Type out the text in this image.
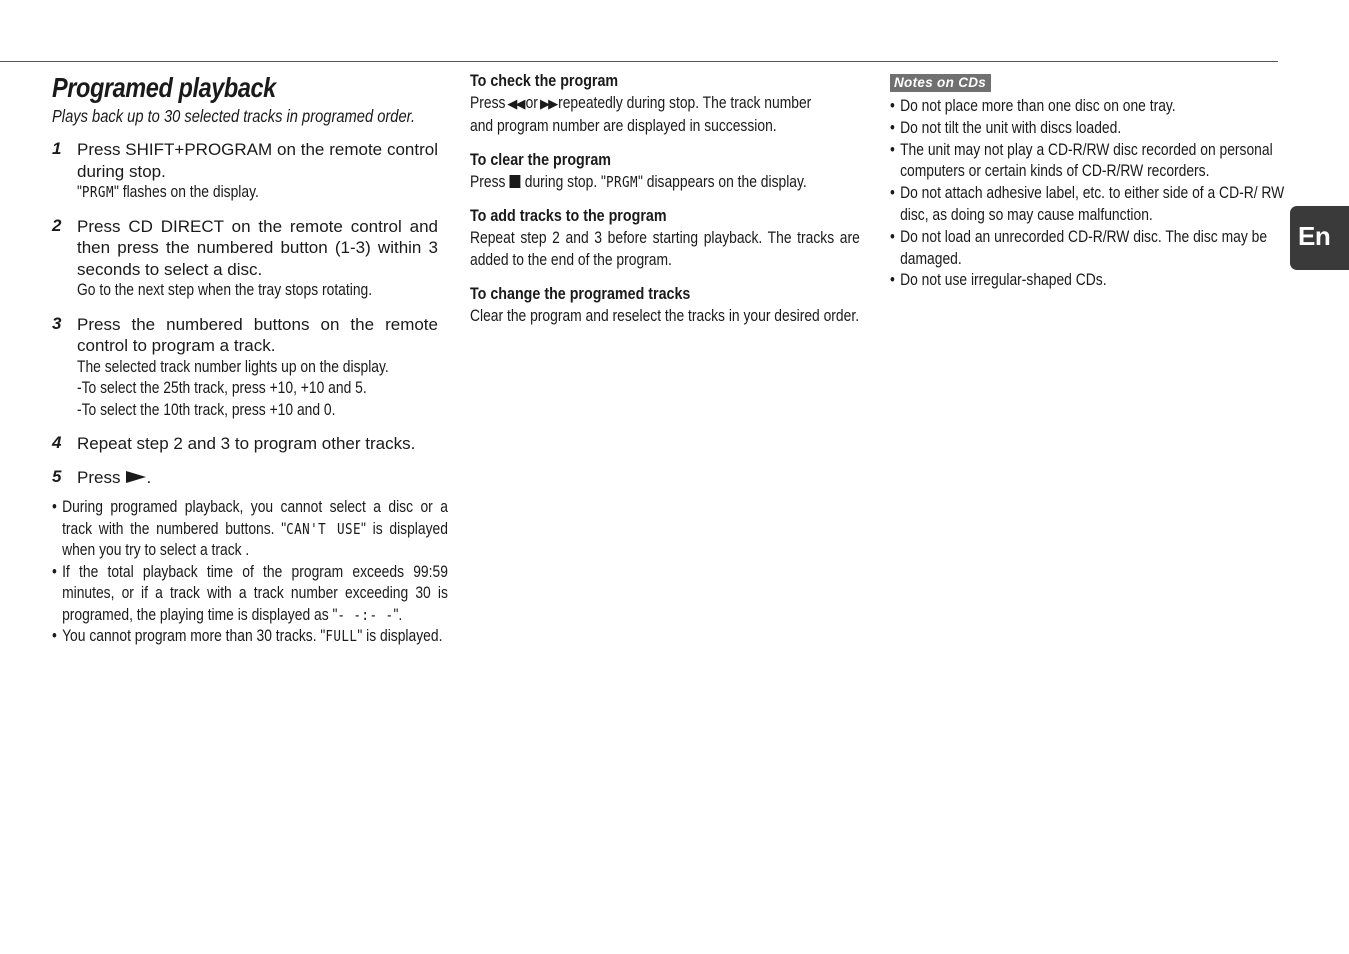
Programed playback
Plays back up to 30 selected tracks in programed order.
1 Press SHIFT+PROGRAM on the remote control during stop.
"PRGM" flashes on the display.
2 Press CD DIRECT on the remote control and then press the numbered button (1-3) within 3 seconds to select a disc.
Go to the next step when the tray stops rotating.
3 Press the numbered buttons on the remote control to program a track.
The selected track number lights up on the display.
-To select the 25th track, press +10, +10 and 5.
-To select the 10th track, press +10 and 0.
4 Repeat step 2 and 3 to program other tracks.
5 Press .
• During programed playback, you cannot select a disc or a track with the numbered buttons. "CAN'T USE" is displayed when you try to select a track .
• If the total playback time of the program exceeds 99:59 minutes, or if a track with a track number exceeding 30 is programed, the playing time is displayed as "- -:- -".
• You cannot program more than 30 tracks. "FULL" is displayed.
To check the program
Press ◀◀ or ▶▶ repeatedly during stop. The track number
and program number are displayed in succession.
To clear the program
Press during stop. "PRGM" disappears on the display.
To add tracks to the program
Repeat step 2 and 3 before starting playback. The tracks are added to the end of the program.
To change the programed tracks
Clear the program and reselect the tracks in your desired order.
Notes on CDs
• Do not place more than one disc on one tray.
• Do not tilt the unit with discs loaded.
• The unit may not play a CD-R/RW disc recorded on personal computers or certain kinds of CD-R/RW recorders.
• Do not attach adhesive label, etc. to either side of a CD-R/ RW disc, as doing so may cause malfunction.
• Do not load an unrecorded CD-R/RW disc. The disc may be damaged.
• Do not use irregular-shaped CDs.
En
